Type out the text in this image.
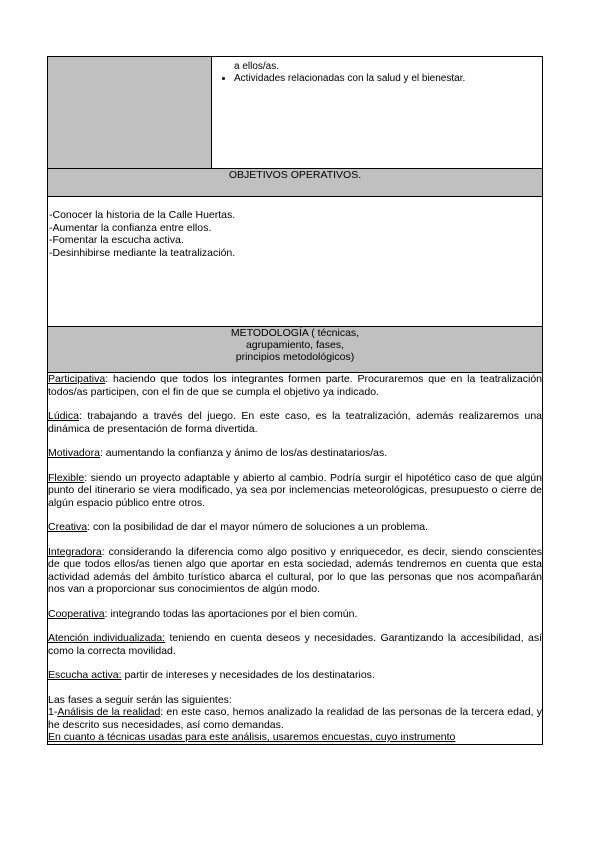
a ellos/as.
• Actividades relacionadas con la salud y el bienestar.

OBJETIVOS OPERATIVOS.

-Conocer la historia de la Calle Huertas.
-Aumentar la confianza entre ellos.
-Fomentar la escucha activa.
-Desinhibirse mediante la teatralización.

METODOLOGÍA ( técnicas,
agrupamiento, fases,
principios metodológicos)

Participativa: haciendo que todos los integrantes formen parte. Procuraremos que en la teatralización todos/as participen, con el fin de que se cumpla el objetivo ya indicado.

Lúdica: trabajando a través del juego. En este caso, es la teatralización, además realizaremos una dinámica de presentación de forma divertida.

Motivadora: aumentando la confianza y ánimo de los/as destinatarios/as.

Flexible: siendo un proyecto adaptable y abierto al cambio. Podría surgir el hipotético caso de que algún punto del itinerario se viera modificado, ya sea por inclemencias meteorológicas, presupuesto o cierre de algún espacio público entre otros.

Creativa: con la posibilidad de dar el mayor número de soluciones a un problema.

Integradora: considerando la diferencia como algo positivo y enriquecedor, es decir, siendo conscientes de que todos ellos/as tienen algo que aportar en esta sociedad, además tendremos en cuenta que esta actividad además del ámbito turístico abarca el cultural, por lo que las personas que nos acompañarán nos van a proporcionar sus conocimientos de algún modo.

Cooperativa: integrando todas las aportaciones por el bien común.

Atención individualizada: teniendo en cuenta deseos y necesidades. Garantizando la accesibilidad, así como la correcta movilidad.

Escucha activa: partir de intereses y necesidades de los destinatarios.

Las fases a seguir serán las siguientes:
1-Análisis de la realidad: en este caso, hemos analizado la realidad de las personas de la tercera edad, y he descrito sus necesidades, así como demandas.
En cuanto a técnicas usadas para este análisis, usaremos encuestas, cuyo instrumento
